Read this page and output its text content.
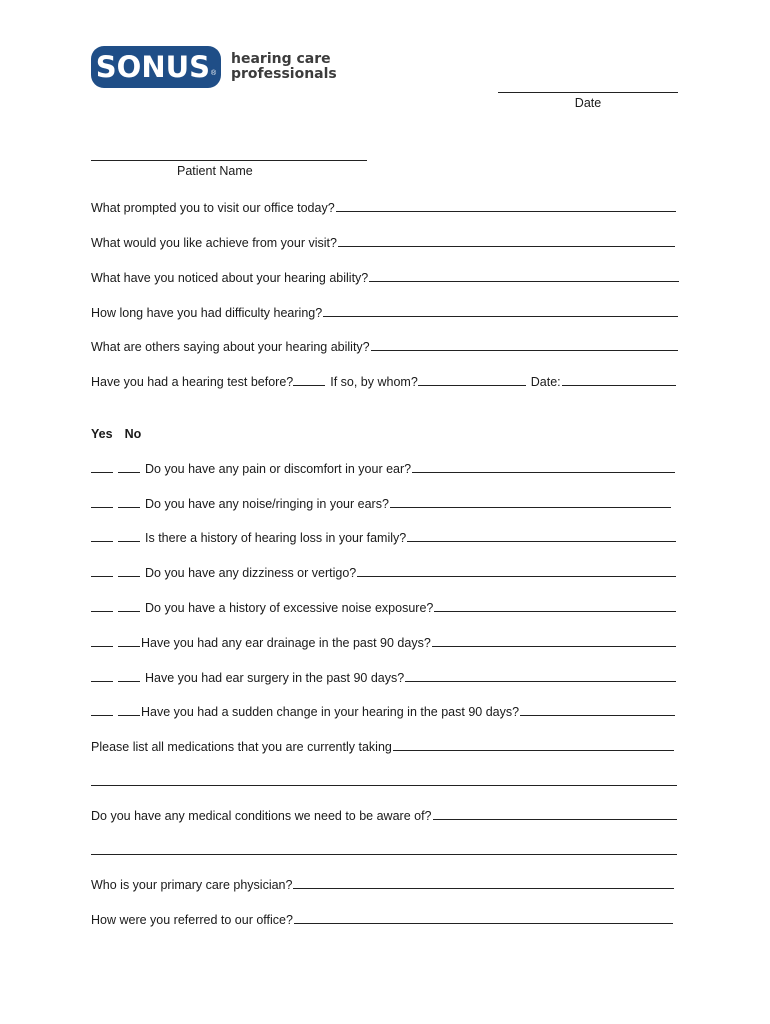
SONUS ®
hearing care
professionals
Date
Patient Name
What prompted you to visit our office today?
What would you like achieve from your visit?
What have you noticed about your hearing ability?
How long have you had difficulty hearing?
What are others saying about your hearing ability?
Have you had a hearing test before?	If so, by whom?	Date:
Yes No
Do you have any pain or discomfort in your ear?
Do you have any noise/ringing in your ears?
Is there a history of hearing loss in your family?
Do you have any dizziness or vertigo?
Do you have a history of excessive noise exposure?
Have you had any ear drainage in the past 90 days?
Have you had ear surgery in the past 90 days?
Have you had a sudden change in your hearing in the past 90 days?
Please list all medications that you are currently taking
Do you have any medical conditions we need to be aware of?
Who is your primary care physician?
How were you referred to our office?
